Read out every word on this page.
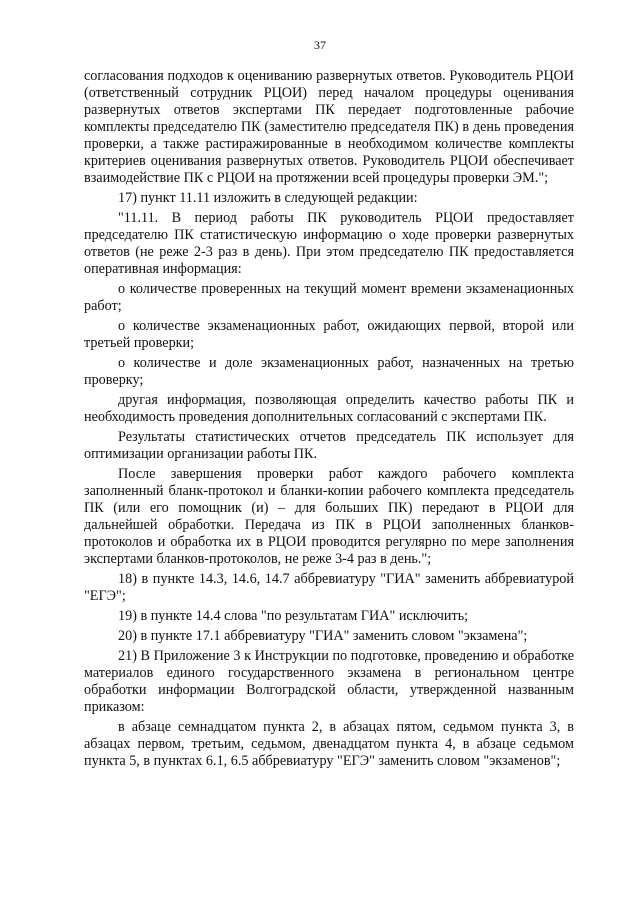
37

согласования подходов к оцениванию развернутых ответов. Руководитель РЦОИ (ответственный сотрудник РЦОИ) перед началом процедуры оценивания развернутых ответов экспертами ПК передает подготовленные рабочие комплекты председателю ПК (заместителю председателя ПК) в день проведения проверки, а также растиражированные в необходимом количестве комплекты критериев оценивания развернутых ответов. Руководитель РЦОИ обеспечивает взаимодействие ПК с РЦОИ на протяжении всей процедуры проверки ЭМ.";

17) пункт 11.11 изложить в следующей редакции:

"11.11. В период работы ПК руководитель РЦОИ предоставляет председателю ПК статистическую информацию о ходе проверки развернутых ответов (не реже 2-3 раз в день). При этом председателю ПК предоставляется оперативная информация:

о количестве проверенных на текущий момент времени экзаменационных работ;

о количестве экзаменационных работ, ожидающих первой, второй или третьей проверки;

о количестве и доле экзаменационных работ, назначенных на третью проверку;

другая информация, позволяющая определить качество работы ПК и необходимость проведения дополнительных согласований с экспертами ПК.

Результаты статистических отчетов председатель ПК использует для оптимизации организации работы ПК.

После завершения проверки работ каждого рабочего комплекта заполненный бланк-протокол и бланки-копии рабочего комплекта председатель ПК (или его помощник (и) – для больших ПК) передают в РЦОИ для дальнейшей обработки. Передача из ПК в РЦОИ заполненных бланков-протоколов и обработка их в РЦОИ проводится регулярно по мере заполнения экспертами бланков-протоколов, не реже 3-4 раз в день.";

18) в пункте 14.3, 14.6, 14.7 аббревиатуру "ГИА" заменить аббревиатурой "ЕГЭ";

19) в пункте 14.4 слова "по результатам ГИА" исключить;

20) в пункте 17.1 аббревиатуру "ГИА" заменить словом "экзамена";

21) В Приложение 3 к Инструкции по подготовке, проведению и обработке материалов единого государственного экзамена в региональном центре обработки информации Волгоградской области, утвержденной названным приказом:

в абзаце семнадцатом пункта 2, в абзацах пятом, седьмом пункта 3, в абзацах первом, третьим, седьмом, двенадцатом пункта 4, в абзаце седьмом пункта 5, в пунктах 6.1, 6.5 аббревиатуру "ЕГЭ" заменить словом "экзаменов";
